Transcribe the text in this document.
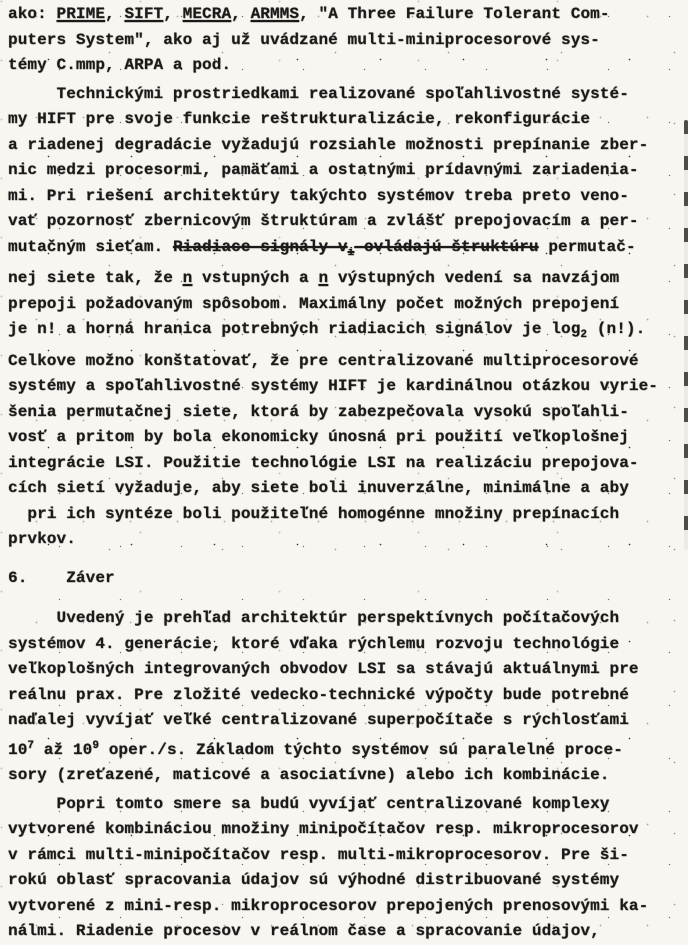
ako: PRIME, SIFT, MECRA, ARMMS, "A Three Failure Tolerant Com-
puters System", ako aj už uvádzané multi-miniprocesorové sys-
témy C.mmp, ARPA a pod.
Technickými prostriedkami realizované spoľahlivostné systé-
my HIFT pre svoje funkcie reštrukturalizácie, rekonfigurácie
a riadenej degradácie vyžadujú rozsiahle možnosti prepínanie zber-
nic medzi procesormi, pamäťami a ostatnými prídavnými zariadenia-
mi. Pri riešení architektúry takýchto systémov treba preto veno-
vať pozornosť zbernicovým štruktúram a zvlášť prepojovacím a per-
mutačným sieťam. Riadiace signály $v_i$ ovládajú štruktúru permutač-
nej siete tak, že n vstupných a n výstupných vedení sa navzájom
prepoji požadovaným spôsobom. Maximálny počet možných prepojení
je n! a horná hranica potrebných riadiacich signálov je $\log_2 (n!)$.
Celkove možno konštatovať, že pre centralizované multiprocesorové
systémy a spoľahlivostné systémy HIFT je kardinálnou otázkou vyrie-
šenia permutačnej siete, ktorá by zabezpečovala vysokú spoľahli-
vosť a pritom by bola ekonomicky únosná pri použití veľkoplošnej
integrácie LSI. Použitie technológie LSI na realizáciu prepojova-
cích sietí vyžaduje, aby siete boli inuverzálne, minimálne a aby
pri ich syntéze boli použiteľné homogénne množiny prepínacích
prvkov.
6.    Záver
Uvedený je prehľad architektúr perspektívnych počítačových
systémov 4. generácie, ktoré vďaka rýchlemu rozvoju technológie
veľkoplošných integrovaných obvodov LSI sa stávajú aktuálnymi pre
reálnu prax. Pre zložité vedecko-technické výpočty bude potrebné
naďalej vyvíjať veľké centralizované superpočítače s rýchlosťami
$10^7$ až $10^9$ oper./s. Základom týchto systémov sú paralelné proce-
sory (zreťazené, maticové a asociatívne) alebo ich kombinácie.
Popri tomto smere sa budú vyvíjať centralizované komplexy
vytvorené kombináciou množiny minipočítačov resp. mikroprocesorov
v rámci multi-minipočítačov resp. multi-mikroprocesorov. Pre ši-
rokú oblasť spracovania údajov sú výhodné distribuované systémy
vytvorené z mini-resp. mikroprocesorov prepojených prenosovými ka-
nálmi. Riadenie procesov v reálnom čase a spracovanie údajov,
